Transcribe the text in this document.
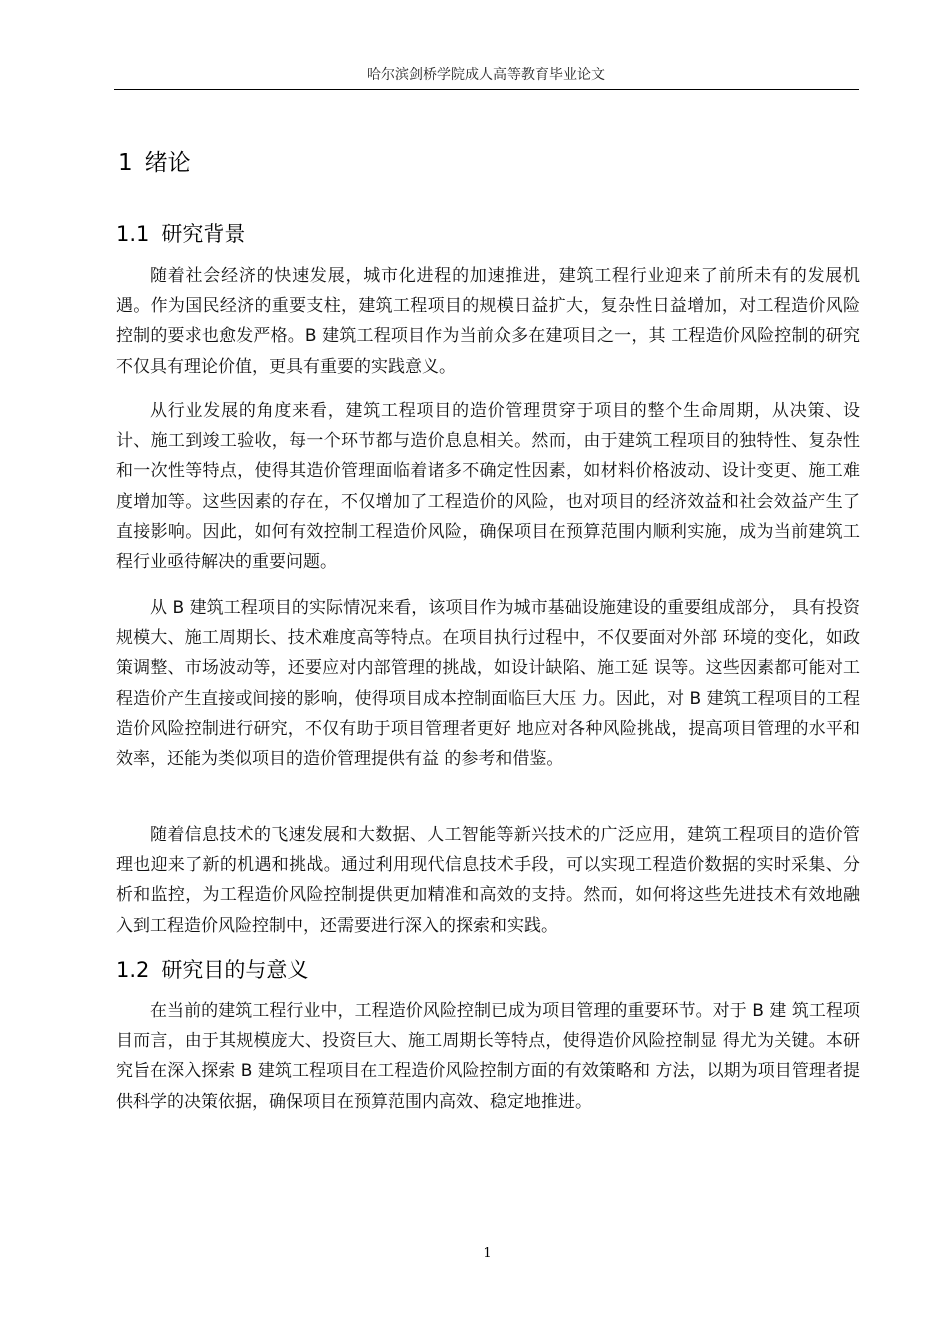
哈尔滨剑桥学院成人高等教育毕业论文
1 绪论
1.1 研究背景

随着社会经济的快速发展，城市化进程的加速推进，建筑工程行业迎来了前所未有的发展机遇。作为国民经济的重要支柱，建筑工程项目的规模日益扩大，复杂性日益增加，对工程造价风险控制的要求也愈发严格。B 建筑工程项目作为当前众多在建项目之一，其 工程造价风险控制的研究不仅具有理论价值，更具有重要的实践意义。

从行业发展的角度来看，建筑工程项目的造价管理贯穿于项目的整个生命周期，从决策、设计、施工到竣工验收，每一个环节都与造价息息相关。然而，由于建筑工程项目的独特性、复杂性和一次性等特点，使得其造价管理面临着诸多不确定性因素，如材料价格波动、设计变更、施工难度增加等。这些因素的存在，不仅增加了工程造价的风险，也对项目的经济效益和社会效益产生了直接影响。因此，如何有效控制工程造价风险，确保项目在预算范围内顺利实施，成为当前建筑工程行业亟待解决的重要问题。

从 B 建筑工程项目的实际情况来看，该项目作为城市基础设施建设的重要组成部分， 具有投资规模大、施工周期长、技术难度高等特点。在项目执行过程中，不仅要面对外部 环境的变化，如政策调整、市场波动等，还要应对内部管理的挑战，如设计缺陷、施工延 误等。这些因素都可能对工程造价产生直接或间接的影响，使得项目成本控制面临巨大压 力。因此，对 B 建筑工程项目的工程造价风险控制进行研究，不仅有助于项目管理者更好 地应对各种风险挑战，提高项目管理的水平和效率，还能为类似项目的造价管理提供有益 的参考和借鉴。

随着信息技术的飞速发展和大数据、人工智能等新兴技术的广泛应用，建筑工程项目的造价管理也迎来了新的机遇和挑战。通过利用现代信息技术手段，可以实现工程造价数据的实时采集、分析和监控，为工程造价风险控制提供更加精准和高效的支持。然而，如何将这些先进技术有效地融入到工程造价风险控制中，还需要进行深入的探索和实践。

1.2 研究目的与意义

在当前的建筑工程行业中，工程造价风险控制已成为项目管理的重要环节。对于 B 建 筑工程项目而言，由于其规模庞大、投资巨大、施工周期长等特点，使得造价风险控制显 得尤为关键。本研究旨在深入探索 B 建筑工程项目在工程造价风险控制方面的有效策略和 方法，以期为项目管理者提供科学的决策依据，确保项目在预算范围内高效、稳定地推进。

1
